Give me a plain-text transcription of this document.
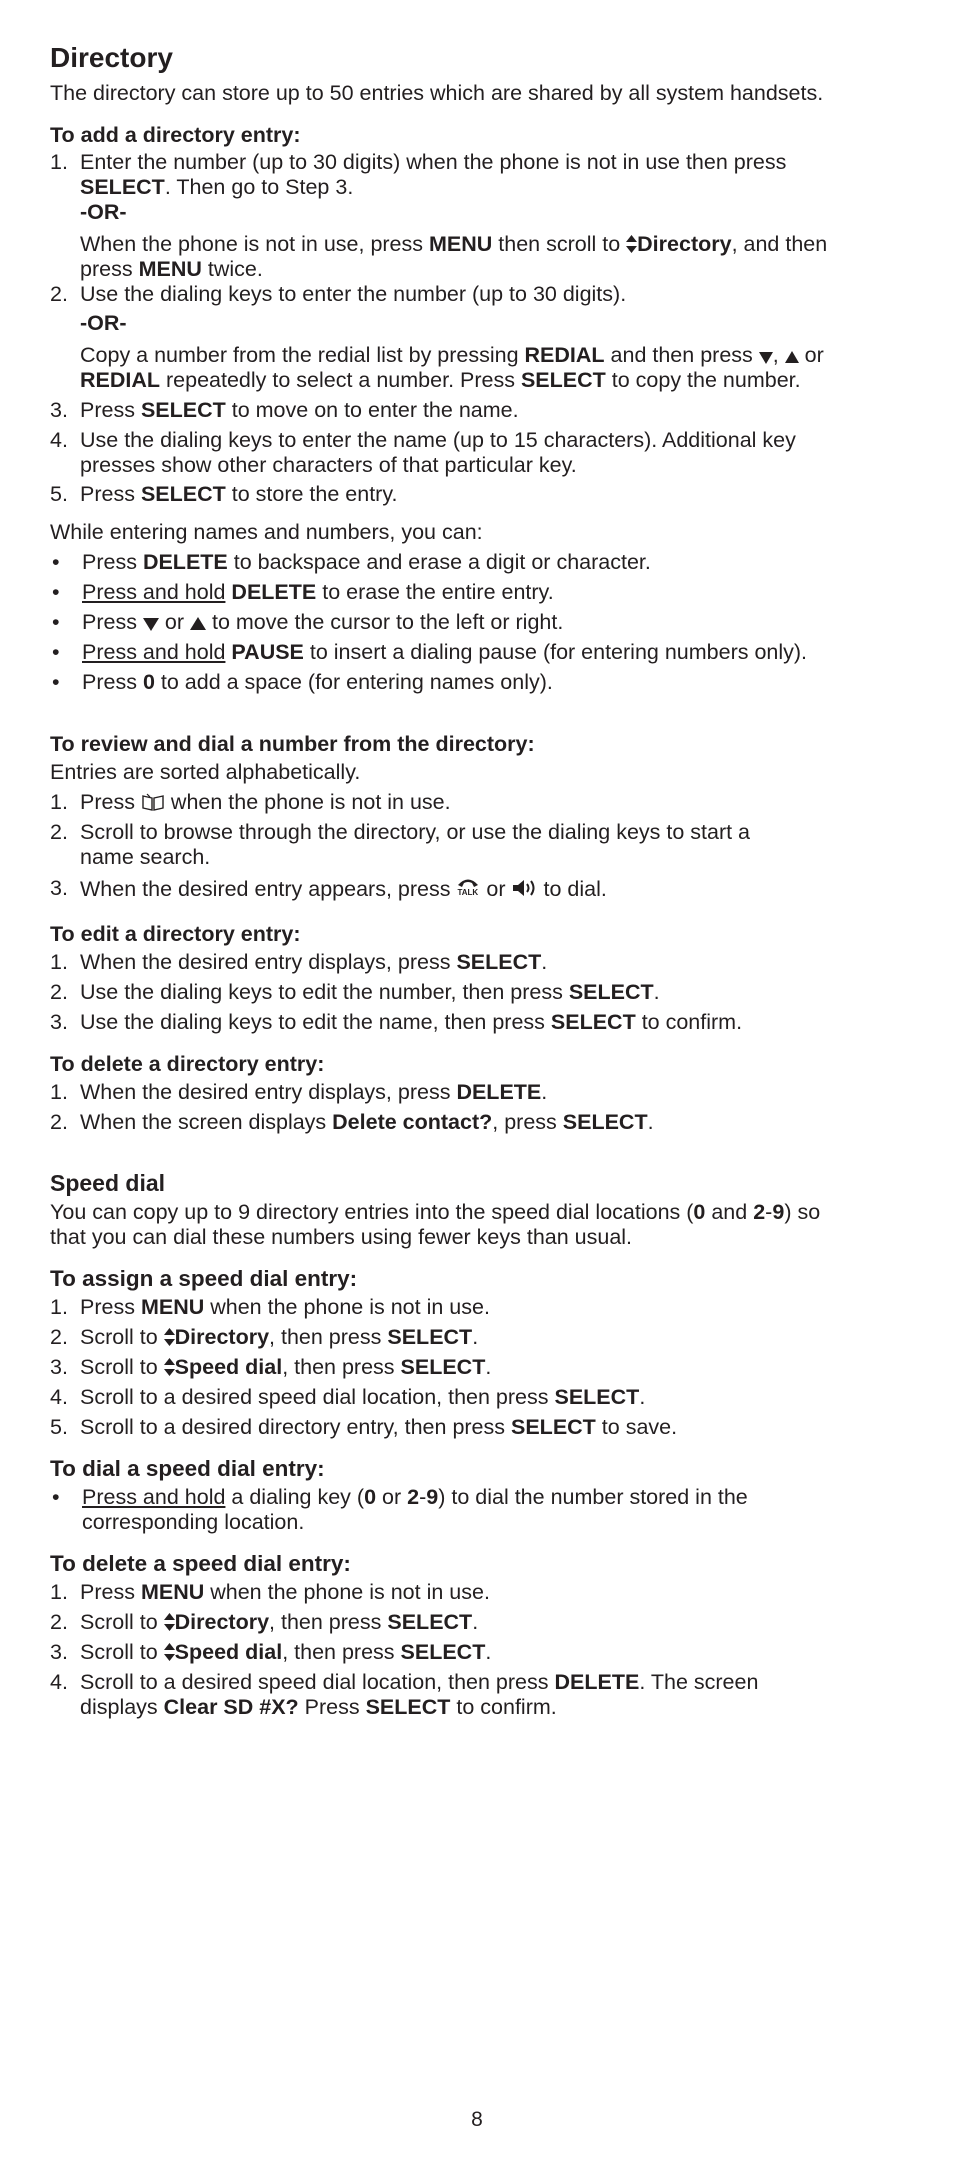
Directory
The directory can store up to 50 entries which are shared by all system handsets.
To add a directory entry:
1. Enter the number (up to 30 digits) when the phone is not in use then press
SELECT. Then go to Step 3.
-OR-
When the phone is not in use, press MENU then scroll to Directory, and then
press MENU twice.
2. Use the dialing keys to enter the number (up to 30 digits).
-OR-
Copy a number from the redial list by pressing REDIAL and then press ,  or
REDIAL repeatedly to select a number. Press SELECT to copy the number.
3. Press SELECT to move on to enter the name.
4. Use the dialing keys to enter the name (up to 15 characters). Additional key
presses show other characters of that particular key.
5. Press SELECT to store the entry.
While entering names and numbers, you can:
• Press DELETE to backspace and erase a digit or character.
• Press and hold DELETE to erase the entire entry.
• Press  or  to move the cursor to the left or right.
• Press and hold PAUSE to insert a dialing pause (for entering numbers only).
• Press 0 to add a space (for entering names only).
To review and dial a number from the directory:
Entries are sorted alphabetically.
1. Press  when the phone is not in use.
2. Scroll to browse through the directory, or use the dialing keys to start a
name search.
3. When the desired entry appears, press TALK or  to dial.
To edit a directory entry:
1. When the desired entry displays, press SELECT.
2. Use the dialing keys to edit the number, then press SELECT.
3. Use the dialing keys to edit the name, then press SELECT to confirm.
To delete a directory entry:
1. When the desired entry displays, press DELETE.
2. When the screen displays Delete contact?, press SELECT.
Speed dial
You can copy up to 9 directory entries into the speed dial locations (0 and 2-9) so
that you can dial these numbers using fewer keys than usual.
To assign a speed dial entry:
1. Press MENU when the phone is not in use.
2. Scroll to Directory, then press SELECT.
3. Scroll to Speed dial, then press SELECT.
4. Scroll to a desired speed dial location, then press SELECT.
5. Scroll to a desired directory entry, then press SELECT to save.
To dial a speed dial entry:
• Press and hold a dialing key (0 or 2-9) to dial the number stored in the
corresponding location.
To delete a speed dial entry:
1. Press MENU when the phone is not in use.
2. Scroll to Directory, then press SELECT.
3. Scroll to Speed dial, then press SELECT.
4. Scroll to a desired speed dial location, then press DELETE. The screen
displays Clear SD #X? Press SELECT to confirm.
8
